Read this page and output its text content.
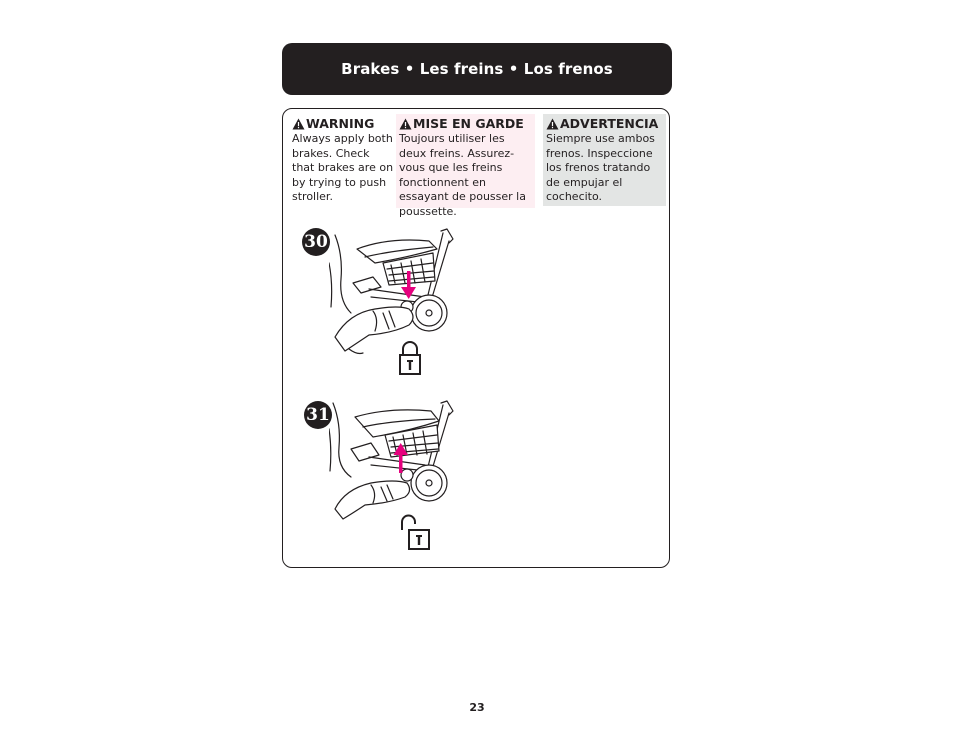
Brakes • Les freins • Los frenos
WARNING
Always apply both brakes. Check that brakes are on by trying to push stroller.
MISE EN GARDE
Toujours utiliser les deux freins. Assurez-vous que les freins fonctionnent en essayant de pousser la poussette.
ADVERTENCIA
Siempre use ambos frenos. Inspeccione los frenos tratando de empujar el cochecito.
30
31
23
